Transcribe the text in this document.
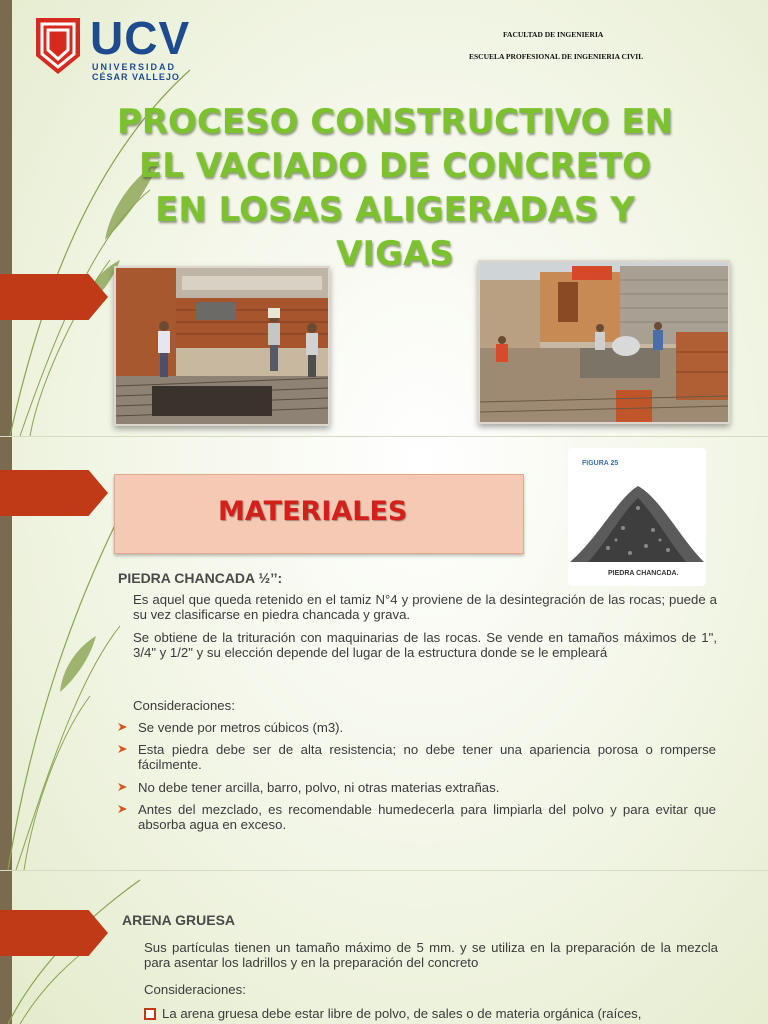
UCV
UNIVERSIDAD
CÉSAR VALLEJO
FACULTAD DE INGENIERIA
ESCUELA PROFESIONAL DE INGENIERIA CIVIL
PROCESO CONSTRUCTIVO EN
EL VACIADO DE CONCRETO
EN LOSAS ALIGERADAS Y
VIGAS
MATERIALES
FIGURA 25
PIEDRA CHANCADA.
PIEDRA CHANCADA ½’’:
Es aquel que queda retenido en el tamiz N°4 y proviene de la desintegración de las rocas; puede a su vez clasificarse en piedra chancada y grava.
Se obtiene de la trituración con maquinarias de las rocas. Se vende en tamaños máximos de 1", 3/4" y 1/2" y su elección depende del lugar de la estructura donde se le empleará
Consideraciones:
Se vende por metros cúbicos (m3).
Esta piedra debe ser de alta resistencia; no debe tener una apariencia porosa o romperse fácilmente.
No debe tener arcilla, barro, polvo, ni otras materias extrañas.
Antes del mezclado, es recomendable humedecerla para limpiarla del polvo y para evitar que absorba agua en exceso.
ARENA GRUESA
Sus partículas tienen un tamaño máximo de 5 mm. y se utiliza en la preparación de la mezcla para asentar los ladrillos y en la preparación del concreto
Consideraciones:
La arena gruesa debe estar libre de polvo, de sales o de materia orgánica (raíces,
